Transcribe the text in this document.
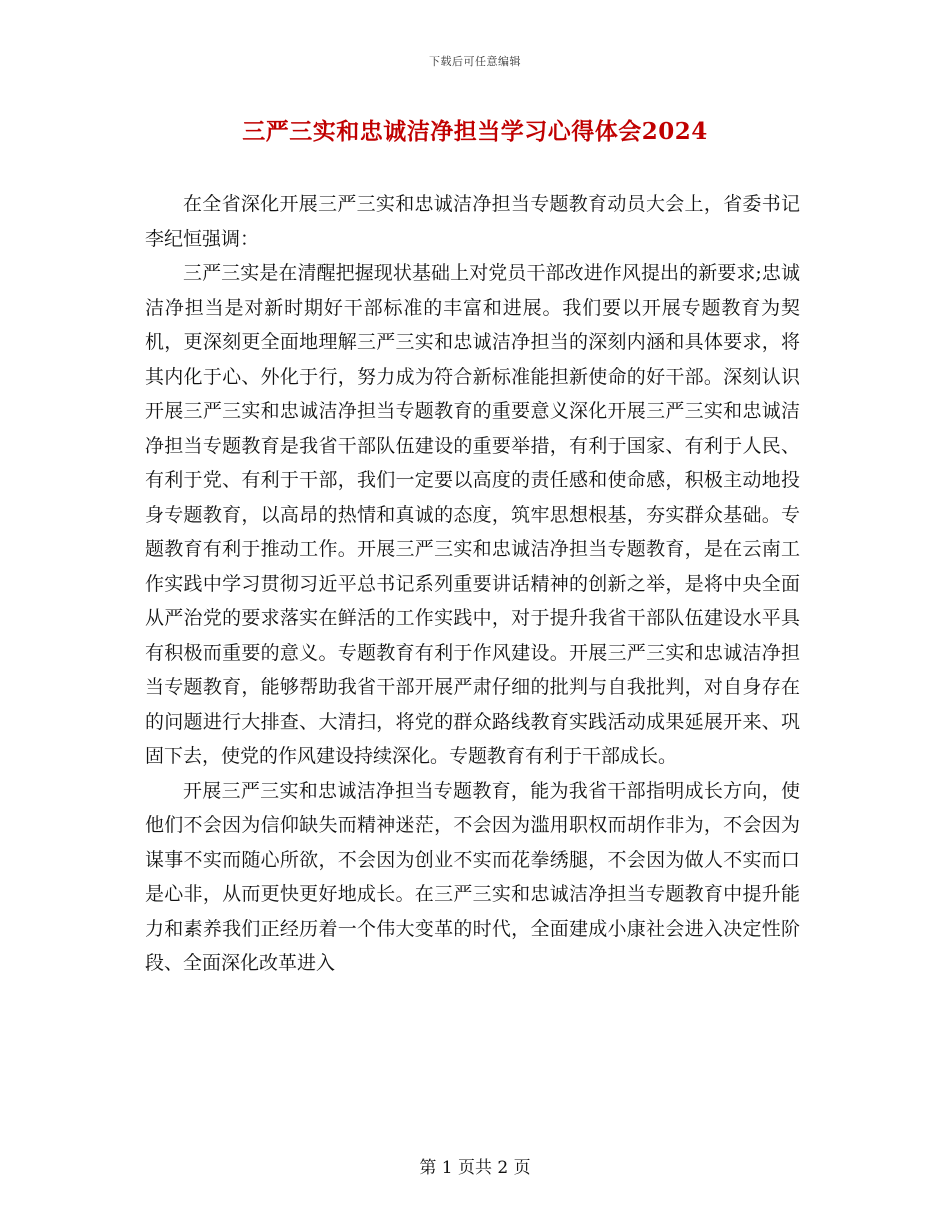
下载后可任意编辑
三严三实和忠诚洁净担当学习心得体会2024

在全省深化开展三严三实和忠诚洁净担当专题教育动员大会上，省委书记李纪恒强调：

三严三实是在清醒把握现状基础上对党员干部改进作风提出的新要求;忠诚洁净担当是对新时期好干部标准的丰富和进展。我们要以开展专题教育为契机，更深刻更全面地理解三严三实和忠诚洁净担当的深刻内涵和具体要求，将其内化于心、外化于行，努力成为符合新标准能担新使命的好干部。深刻认识开展三严三实和忠诚洁净担当专题教育的重要意义深化开展三严三实和忠诚洁净担当专题教育是我省干部队伍建设的重要举措，有利于国家、有利于人民、有利于党、有利于干部，我们一定要以高度的责任感和使命感，积极主动地投身专题教育，以高昂的热情和真诚的态度，筑牢思想根基，夯实群众基础。专题教育有利于推动工作。开展三严三实和忠诚洁净担当专题教育，是在云南工作实践中学习贯彻习近平总书记系列重要讲话精神的创新之举，是将中央全面从严治党的要求落实在鲜活的工作实践中，对于提升我省干部队伍建设水平具有积极而重要的意义。专题教育有利于作风建设。开展三严三实和忠诚洁净担当专题教育，能够帮助我省干部开展严肃仔细的批判与自我批判，对自身存在的问题进行大排查、大清扫，将党的群众路线教育实践活动成果延展开来、巩固下去，使党的作风建设持续深化。专题教育有利于干部成长。

开展三严三实和忠诚洁净担当专题教育，能为我省干部指明成长方向，使他们不会因为信仰缺失而精神迷茫，不会因为滥用职权而胡作非为，不会因为谋事不实而随心所欲，不会因为创业不实而花拳绣腿，不会因为做人不实而口是心非，从而更快更好地成长。在三严三实和忠诚洁净担当专题教育中提升能力和素养我们正经历着一个伟大变革的时代，全面建成小康社会进入决定性阶段、全面深化改革进入

第 1 页共 2 页
